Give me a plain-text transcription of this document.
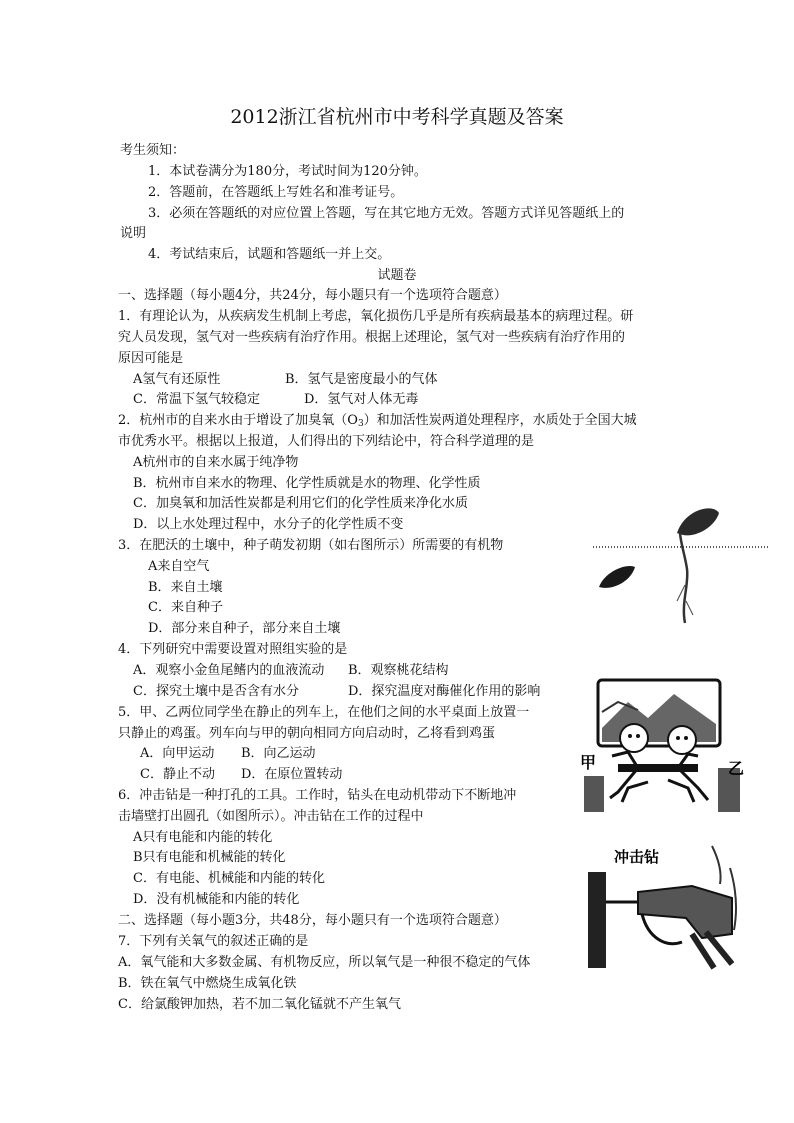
2012浙江省杭州市中考科学真题及答案
考生须知：
1．本试卷满分为180分，考试时间为120分钟。
2．答题前，在答题纸上写姓名和准考证号。
3．必须在答题纸的对应位置上答题，写在其它地方无效。答题方式详见答题纸上的
说明
4．考试结束后，试题和答题纸一并上交。
试题卷
一、选择题（每小题4分，共24分，每小题只有一个选项符合题意）
1．有理论认为，从疾病发生机制上考虑，氧化损伤几乎是所有疾病最基本的病理过程。研
究人员发现，氢气对一些疾病有治疗作用。根据上述理论，氢气对一些疾病有治疗作用的
原因可能是
A氢气有还原性	B．氢气是密度最小的气体
C．常温下氢气较稳定	D．氢气对人体无毒
2．杭州市的自来水由于增设了加臭氧$(O_3)$和加活性炭两道处理程序，水质处于全国大城
市优秀水平。根据以上报道，人们得出的下列结论中，符合科学道理的是
A杭州市的自来水属于纯净物
B．杭州市自来水的物理、化学性质就是水的物理、化学性质
C．加臭氧和加活性炭都是利用它们的化学性质来净化水质
D．以上水处理过程中，水分子的化学性质不变
3．在肥沃的土壤中，种子萌发初期（如右图所示）所需要的有机物
A来自空气
B．来自土壤
C．来自种子
D．部分来自种子，部分来自土壤
4．下列研究中需要设置对照组实验的是
A．观察小金鱼尾鳍内的血液流动 B．观察桃花结构
C．探究土壤中是否含有水分	D．探究温度对酶催化作用的影响
5．甲、乙两位同学坐在静止的列车上，在他们之间的水平桌面上放置一
只静止的鸡蛋。列车向与甲的朝向相同方向启动时，乙将看到鸡蛋
A．向甲运动 B．向乙运动
C．静止不动 D．在原位置转动
甲	乙
6．冲击钻是一种打孔的工具。工作时，钻头在电动机带动下不断地冲
击墙壁打出圆孔（如图所示）。冲击钻在工作的过程中
A只有电能和内能的转化
B只有电能和机械能的转化
C．有电能、机械能和内能的转化
D．没有机械能和内能的转化
冲击钻
二、选择题（每小题3分，共48分，每小题只有一个选项符合题意）
7．下列有关氧气的叙述正确的是
A．氧气能和大多数金属、有机物反应，所以氧气是一种很不稳定的气体
B．铁在氧气中燃烧生成氧化铁
C．给氯酸钾加热，若不加二氧化锰就不产生氧气
